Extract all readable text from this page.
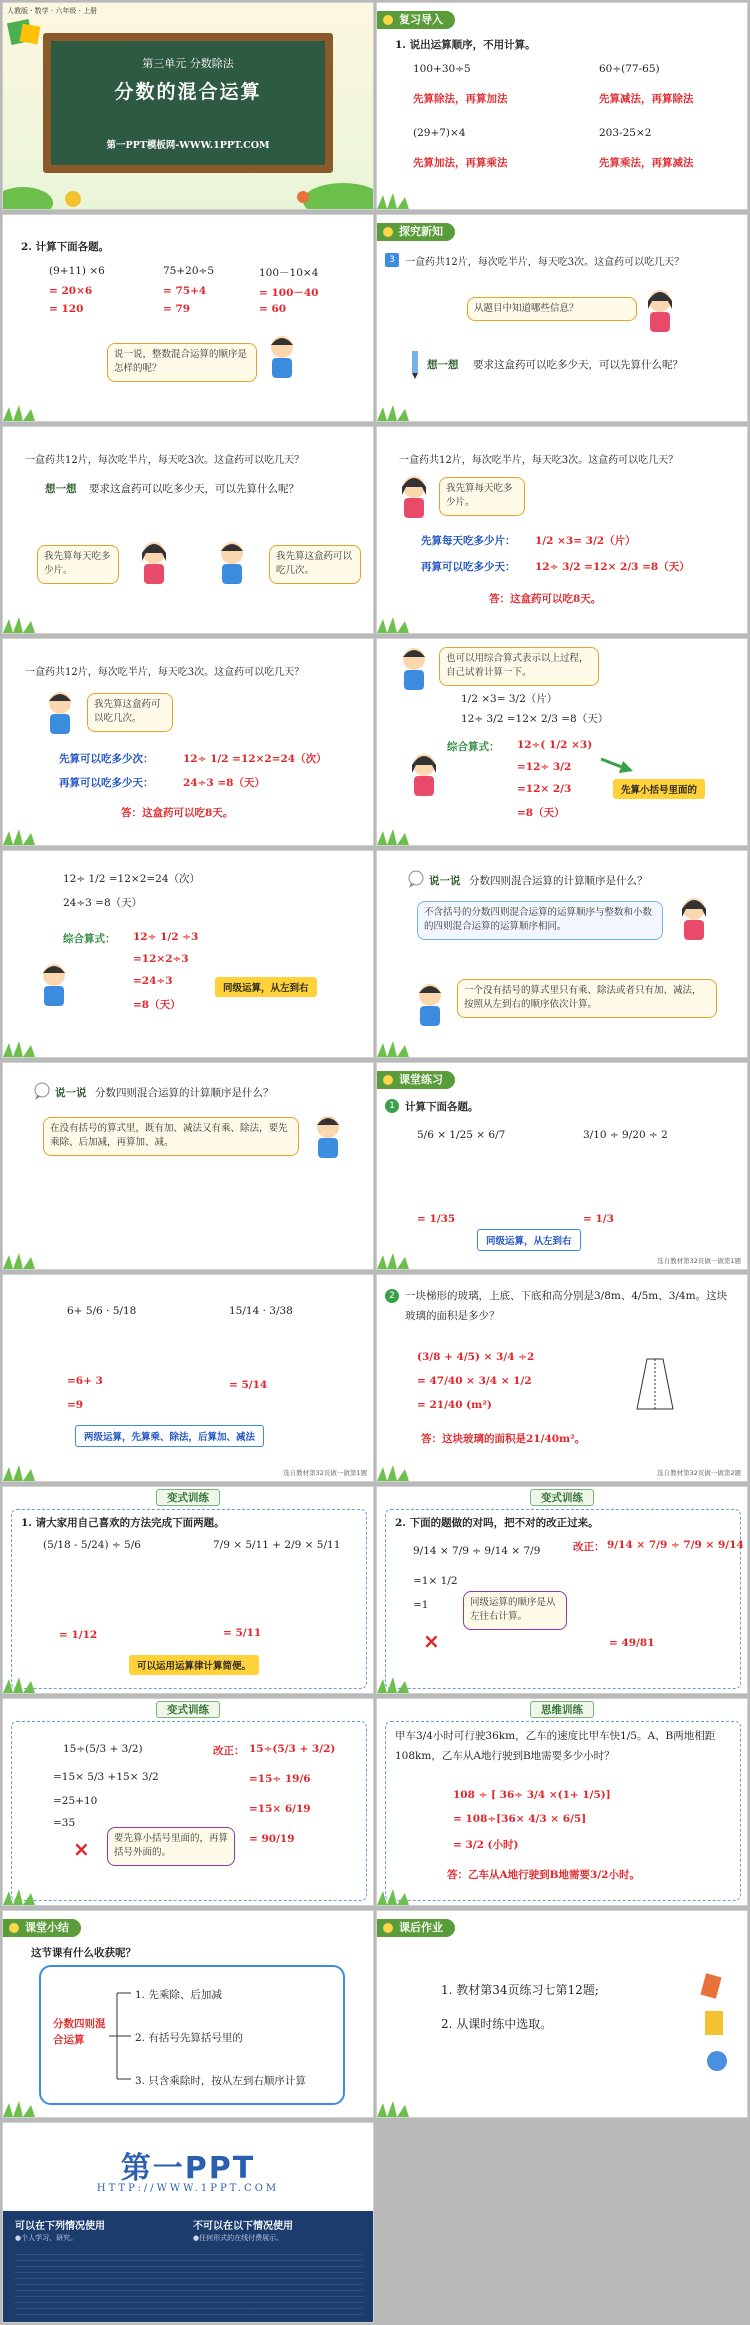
人教版 · 数学 · 六年级 · 上册
第三单元 分数除法
分数的混合运算
第一PPT模板网-WWW.1PPT.COM
复习导入
1. 说出运算顺序，不用计算。
100+30÷5
先算除法，再算加法
60÷(77-65)
先算减法，再算除法
(29+7)×4
先算加法，再算乘法
203-25×2
先算乘法，再算减法
2. 计算下面各题。
(9+11) ×6
= 20×6
= 120
75+20÷5
= 75+4
= 79
100－10×4
= 100－40
= 60
说一说，整数混合运算的顺序是怎样的呢？
探究新知
3	一盒药共12片，每次吃半片，每天吃3次。这盒药可以吃几天？
从题目中知道哪些信息？
想一想 要求这盒药可以吃多少天，可以先算什么呢？
一盒药共12片，每次吃半片，每天吃3次。这盒药可以吃几天？
想一想 要求这盒药可以吃多少天，可以先算什么呢？
我先算每天吃多少片。
我先算这盒药可以吃几次。
一盒药共12片，每次吃半片，每天吃3次。这盒药可以吃几天？
我先算每天吃多少片。
先算每天吃多少片： 1/2 ×3= 3/2（片）
再算可以吃多少天： 12÷ 3/2 =12× 2/3 =8（天）
答：这盒药可以吃8天。
一盒药共12片，每次吃半片，每天吃3次。这盒药可以吃几天？
我先算这盒药可以吃几次。
先算可以吃多少次：	12÷ 1/2 =12×2=24（次）
再算可以吃多少天：	24÷3 =8（天）
答：这盒药可以吃8天。
也可以用综合算式表示以上过程，自己试着计算一下。
1/2 ×3= 3/2（片）
12÷ 3/2 =12× 2/3 =8（天）
综合算式： 12÷( 1/2 ×3)
=12÷ 3/2
=12× 2/3
=8（天）
先算小括号里面的
12÷ 1/2 =12×2=24（次）
24÷3 =8（天）
综合算式： 12÷ 1/2 ÷3
=12×2÷3
=24÷3
=8（天）
同级运算，从左到右
说一说 分数四则混合运算的计算顺序是什么？
不含括号的分数四则混合运算的运算顺序与整数和小数的四则混合运算的运算顺序相同。
一个没有括号的算式里只有乘、除法或者只有加、减法，按照从左到右的顺序依次计算。
说一说 分数四则混合运算的计算顺序是什么？
在没有括号的算式里，既有加、减法又有乘、除法，要先乘除、后加减，再算加、减。
课堂练习
1 计算下面各题。
5/6 × 1/25 × 6/7
= 1/35
3/10 ÷ 9/20 ÷ 2
= 1/3
同级运算，从左到右
选自教材第32页做一做第1题
6+ 5/6 · 5/18
=6+ 3
=9
15/14 · 3/38
= 5/14
两级运算，先算乘、除法，后算加、减法
选自教材第32页做一做第1题
2 一块梯形的玻璃，上底、下底和高分别是3/8m、4/5m、3/4m。这块玻璃的面积是多少？
(3/8 + 4/5) × 3/4 ÷2
= 47/40 × 3/4 × 1/2
= 21/40 (m²)
答：这块玻璃的面积是21/40m²。
选自教材第32页做一做第2题
变式训练
1. 请大家用自己喜欢的方法完成下面两题。
(5/18 - 5/24) ÷ 5/6
= 1/12
7/9 × 5/11 + 2/9 × 5/11
= 5/11
可以运用运算律计算简便。
变式训练
2. 下面的题做的对吗，把不对的改正过来。
9/14 × 7/9 ÷ 9/14 × 7/9
=1× 1/2
=1
×
同级运算的顺序是从左往右计算。
改正： 9/14 × 7/9 ÷ 7/9 × 9/14
= 49/81
变式训练
15÷(5/3 + 3/2)
=15× 5/3 +15× 3/2
=25+10
=35
×	要先算小括号里面的，再算括号外面的。
改正： 15÷(5/3 + 3/2)
=15÷ 19/6
=15× 6/19
= 90/19
思维训练
甲车3/4小时可行驶36km，乙车的速度比甲车快1/5。A、B两地相距108km，乙车从A地行驶到B地需要多少小时？
108 ÷ [ 36÷ 3/4 ×(1+ 1/5)]
= 108÷[36× 4/3 × 6/5]
= 3/2 (小时)
答：乙车从A地行驶到B地需要3/2小时。
课堂小结
这节课有什么收获呢？
分数四则混合运算
1. 先乘除、后加减
2. 有括号先算括号里的
3. 只含乘除时，按从左到右顺序计算
课后作业
1. 教材第34页练习七第12题;
2. 从课时练中选取。
第一PPT
HTTP://WWW.1PPT.COM
可以在下列情况使用	不可以在以下情况使用
●个人学习、研究。	●任何形式的在线付费展示。
